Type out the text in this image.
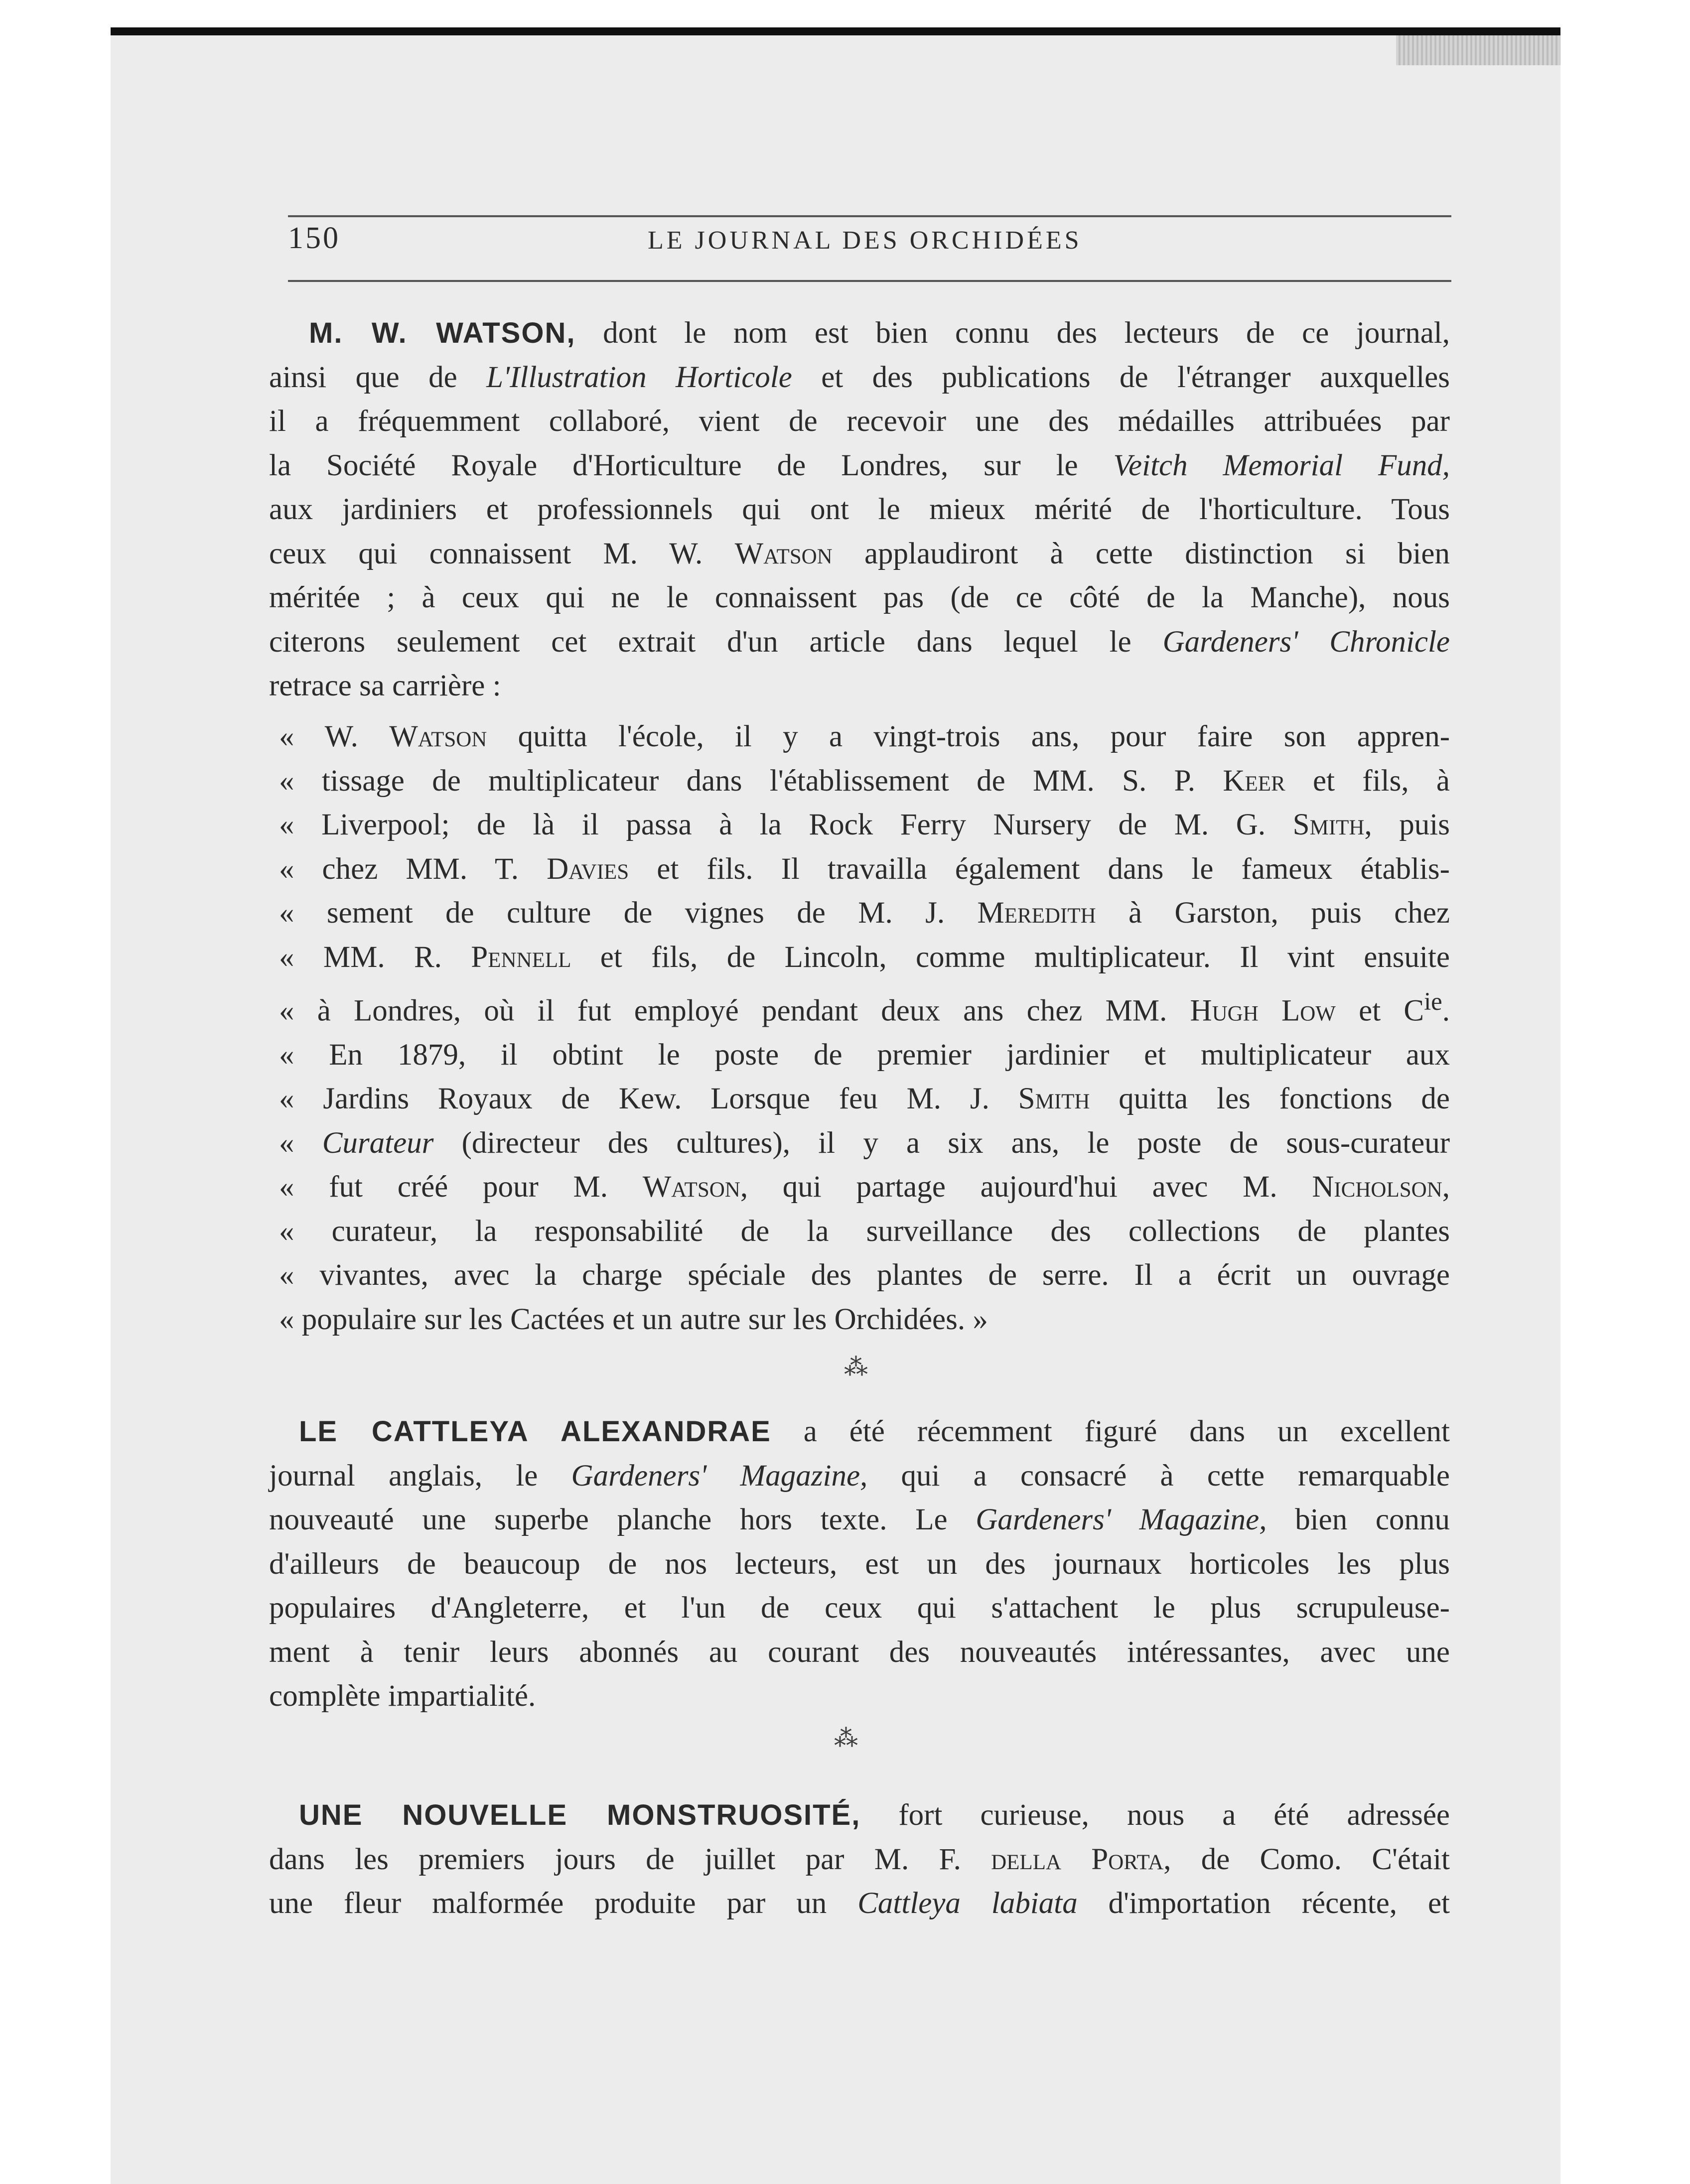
150	LE JOURNAL DES ORCHIDÉES
M. W. WATSON, dont le nom est bien connu des lecteurs de ce journal,
ainsi que de L'Illustration Horticole et des publications de l'étranger auxquelles
il a fréquemment collaboré, vient de recevoir une des médailles attribuées par
la Société Royale d'Horticulture de Londres, sur le Veitch Memorial Fund,
aux jardiniers et professionnels qui ont le mieux mérité de l'horticulture. Tous
ceux qui connaissent M. W. Watson applaudiront à cette distinction si bien
méritée ; à ceux qui ne le connaissent pas (de ce côté de la Manche), nous
citerons seulement cet extrait d'un article dans lequel le Gardeners' Chronicle
retrace sa carrière :
« W. Watson quitta l'école, il y a vingt-trois ans, pour faire son appren-
« tissage de multiplicateur dans l'établissement de MM. S. P. Keer et fils, à
« Liverpool; de là il passa à la Rock Ferry Nursery de M. G. Smith, puis
« chez MM. T. Davies et fils. Il travailla également dans le fameux établis-
« sement de culture de vignes de M. J. Meredith à Garston, puis chez
« MM. R. Pennell et fils, de Lincoln, comme multiplicateur. Il vint ensuite
« à Londres, où il fut employé pendant deux ans chez MM. Hugh Low et $C^{ie}$.
« En 1879, il obtint le poste de premier jardinier et multiplicateur aux
« Jardins Royaux de Kew. Lorsque feu M. J. Smith quitta les fonctions de
« Curateur (directeur des cultures), il y a six ans, le poste de sous-curateur
« fut créé pour M. Watson, qui partage aujourd'hui avec M. Nicholson,
« curateur, la responsabilité de la surveillance des collections de plantes
« vivantes, avec la charge spéciale des plantes de serre. Il a écrit un ouvrage
« populaire sur les Cactées et un autre sur les Orchidées. »
⁂
LE CATTLEYA ALEXANDRAE a été récemment figuré dans un excellent
journal anglais, le Gardeners' Magazine, qui a consacré à cette remarquable
nouveauté une superbe planche hors texte. Le Gardeners' Magazine, bien connu
d'ailleurs de beaucoup de nos lecteurs, est un des journaux horticoles les plus
populaires d'Angleterre, et l'un de ceux qui s'attachent le plus scrupuleuse-
ment à tenir leurs abonnés au courant des nouveautés intéressantes, avec une
complète impartialité.
⁂
UNE NOUVELLE MONSTRUOSITÉ, fort curieuse, nous a été adressée
dans les premiers jours de juillet par M. F. della Porta, de Como. C'était
une fleur malformée produite par un Cattleya labiata d'importation récente, et
